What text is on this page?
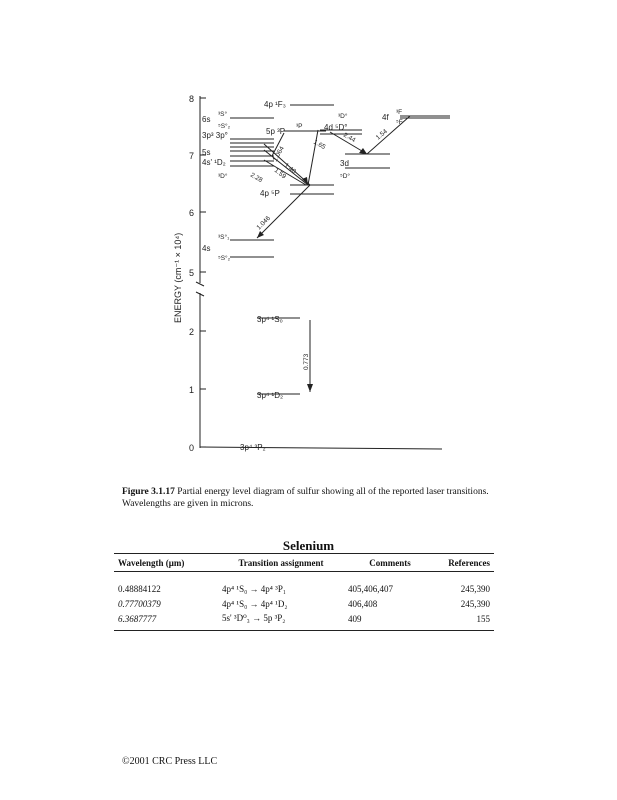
8
7
6
5
2
1
0
ENERGY (cm⁻¹ × 10⁴)
6s
3p³ 3p°
5s
4s' ¹D₂
4s
³S°
⁵S°₂
³D°
³S°₁
⁵S°₂
4p ¹F₃
5p ³P
³P
4p ⁵P
4d ⁵D°
³D°
3d
⁵D°
4f
³F
⁵F
3p⁴ ¹S₀
3p⁴ ¹D₂
3p⁴ ³P₂
1.064
1.40
1.59
2.28
1.046
1.65
2.44	1.54
0.773
Figure 3.1.17 Partial energy level diagram of sulfur showing all of the reported laser transitions. Wavelengths are given in microns.
Selenium
Wavelength (μm)	Transition assignment	Comments	References
0.48884122	4p⁴ ¹S₀ → 4p⁴ ³P₁	405,406,407	245,390
0.77700379	4p⁴ ¹S₀ → 4p⁴ ¹D₂	406,408	245,390
6.3687777	5s' ³D⁰₃ → 5p ³P₂	409	155
©2001 CRC Press LLC
